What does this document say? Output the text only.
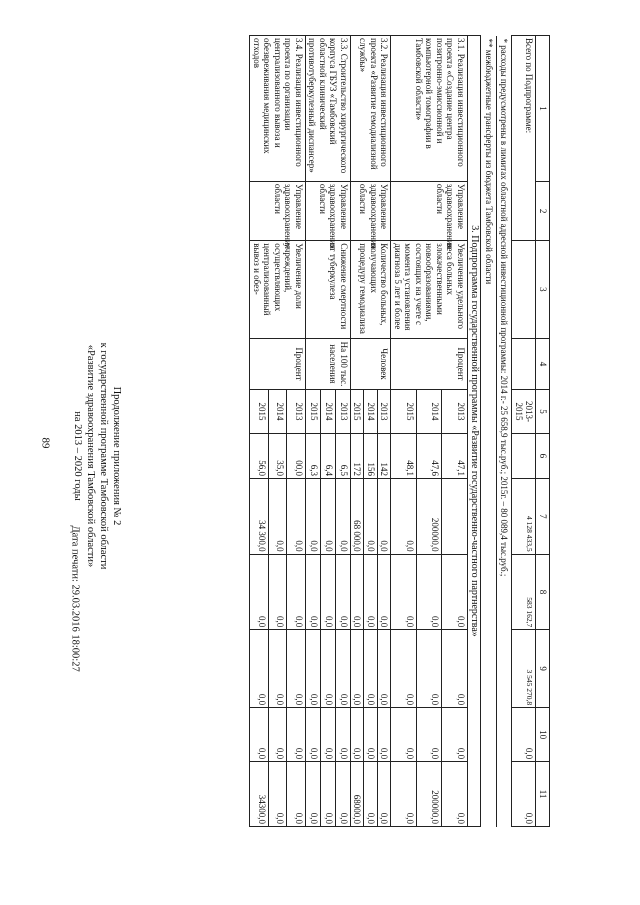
89	Продолжение приложения № 2
к государственной программе Тамбовской области
«Развитие здравоохранения Тамбовской области»
на 2013 – 2020 годы
Дата печати: 29.03.2016 18:00:27
1	2	3	4	5	6	7	8	9	10	11
Всего по Подпрограмме:				2013-2015		4 128 433,5	583 162,7	3 545 270,8	0,0	0,0
* расходы предусмотрены в лимитах областной адресной инвестиционной программы: 2014 г.- 25 658,9 тыс.руб.; 2015г. – 80 089,4 тыс.руб.;										
** межбюджетные трансферты из бюджета Тамбовской области										
3. Подпрограмма государственной программы «Развитие государственно-частного партнерства»										
3.1. Реализация инвестиционного проекта «Создание центра позитронно-эмиссионной и компьютерной томографии в Тамбовской области»	Управление здравоохранения области	Увеличение удельного веса больных злокачественными новообразованиями, состоящих на учете с момента установления диагноза 5 лет и более	Процент	2013	47,1		0,0	0,0	0,0	0,0
				2014	47,6	200000,0	0,0	0,0	0,0	200000,0
				2015	48,1	0,0	0,0	0,0	0,0	0,0
3.2. Реализация инвестиционного проекта «Развитие гемодиализной службы»	Управление здравоохранения области	Количество больных, получающих процедуру гемодиализа	Человек	2013	142	0,0	0,0	0,0	0,0	0,0
				2014	156	0,0	0,0	0,0	0,0	0,0
				2015	172	68 000,0	0,0	0,0	0,0	68000,0
3.3. Строительство хирургического корпуса ГБУЗ «Тамбовский областной клинический противотуберкулезный диспансер»	Управление здравоохранения области	Снижение смертности от туберкулеза	На 100 тыс. населения	2013	6,5	0,0	0,0	0,0	0,0	0,0
				2014	6,4	0,0	0,0	0,0	0,0	0,0
				2015	6,3	0,0	0,0	0,0	0,0	0,0
3.4. Реализация инвестиционного проекта по организации централизованного вывоза и обезвреживания медицинских отходов	Управление здравоохранения области	Увеличение доли учреждений, осуществляющих централизованный вывоз и обез-	Процент	2013	00,0	0,0	0,0	0,0	0,0	0,0
				2014	35,0	0,0	0,0	0,0	0,0	0,0
				2015	56,0	34 300,0	0,0	0,0	0,0	34300,0
